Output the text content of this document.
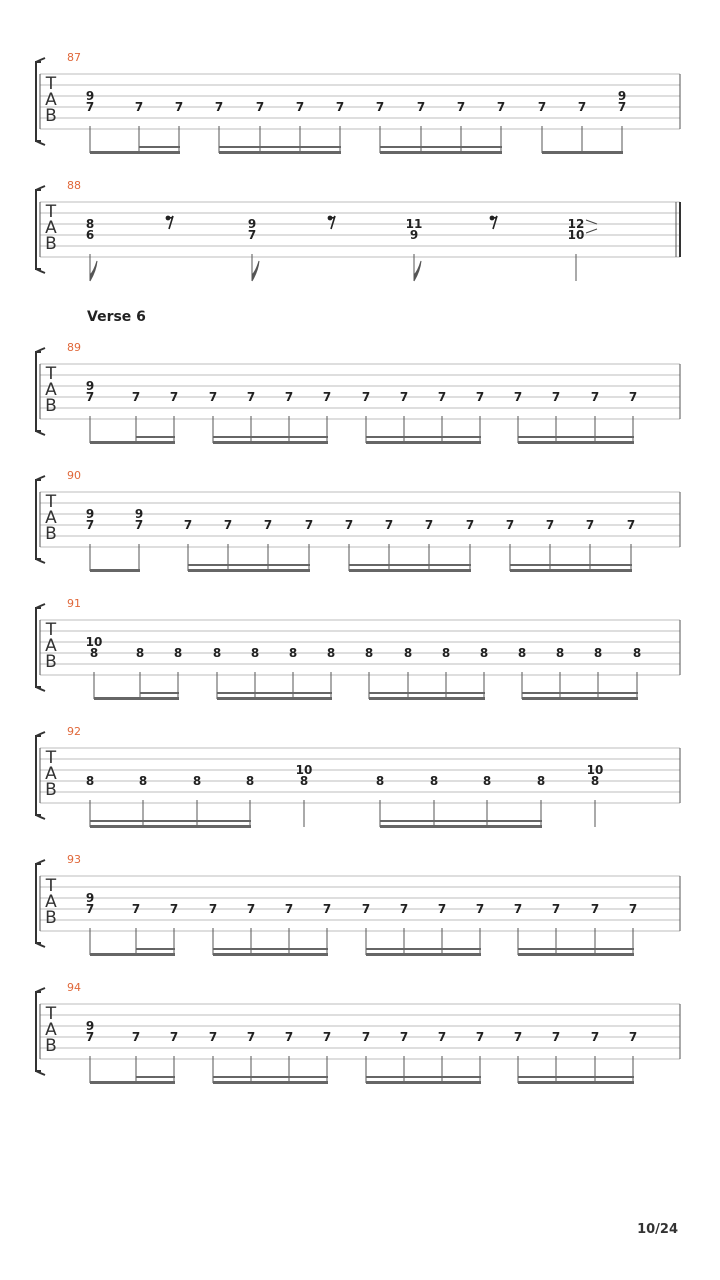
87
T
A
B
9
7	7	7	7	7	7	7	7	7	7	7	7	7
9
7
88
T
A
B
8
6
9
7
11
9
12
10
89
T
A
B
9
7	7 7	7 7 7 7	7 7 7 7 7 7	7 7
90
T
A
B
9
7
9
7	7	7	7	7	7	7	7	7	7	7	7	7
91
T
A
B
10
8	8 8	8 8 8 8 8	8 8 8 8 8 8	8
92
T
A
B 8	8	8	8
10
8	8	8	8	8
10
8
93
T
A
B
9
7	7 7	7 7 7 7	7 7 7 7 7 7	7 7
94
T
A
B
9
7	7 7	7 7 7 7	7 7 7 7 7 7	7 7
Verse 6
10/24
